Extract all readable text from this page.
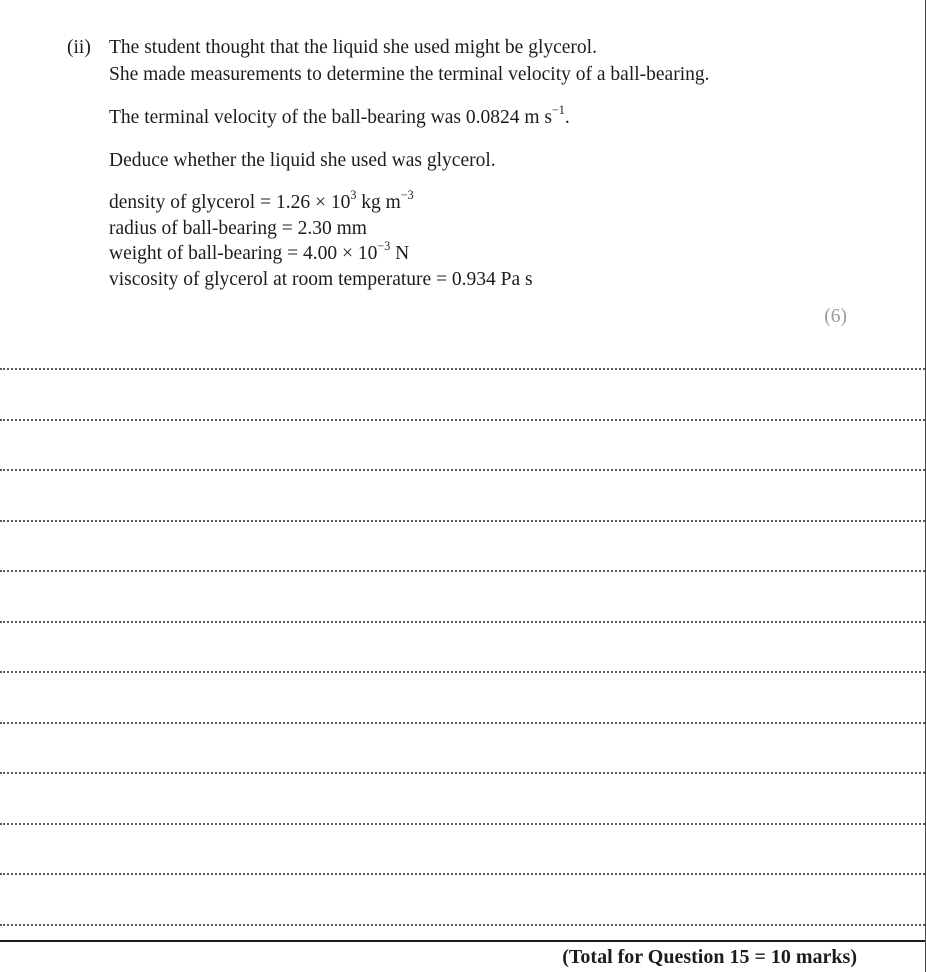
(ii) The student thought that the liquid she used might be glycerol.
She made measurements to determine the terminal velocity of a ball-bearing.
The terminal velocity of the ball-bearing was 0.0824 m $s^{-1}$.
Deduce whether the liquid she used was glycerol.
density of glycerol = $1.26 \times 10^3$ kg $m^{-3}$
radius of ball-bearing = 2.30 mm
weight of ball-bearing = $4.00 \times 10^{-3}$ N
viscosity of glycerol at room temperature = 0.934 Pa s
(6)
(Total for Question 15 = 10 marks)
